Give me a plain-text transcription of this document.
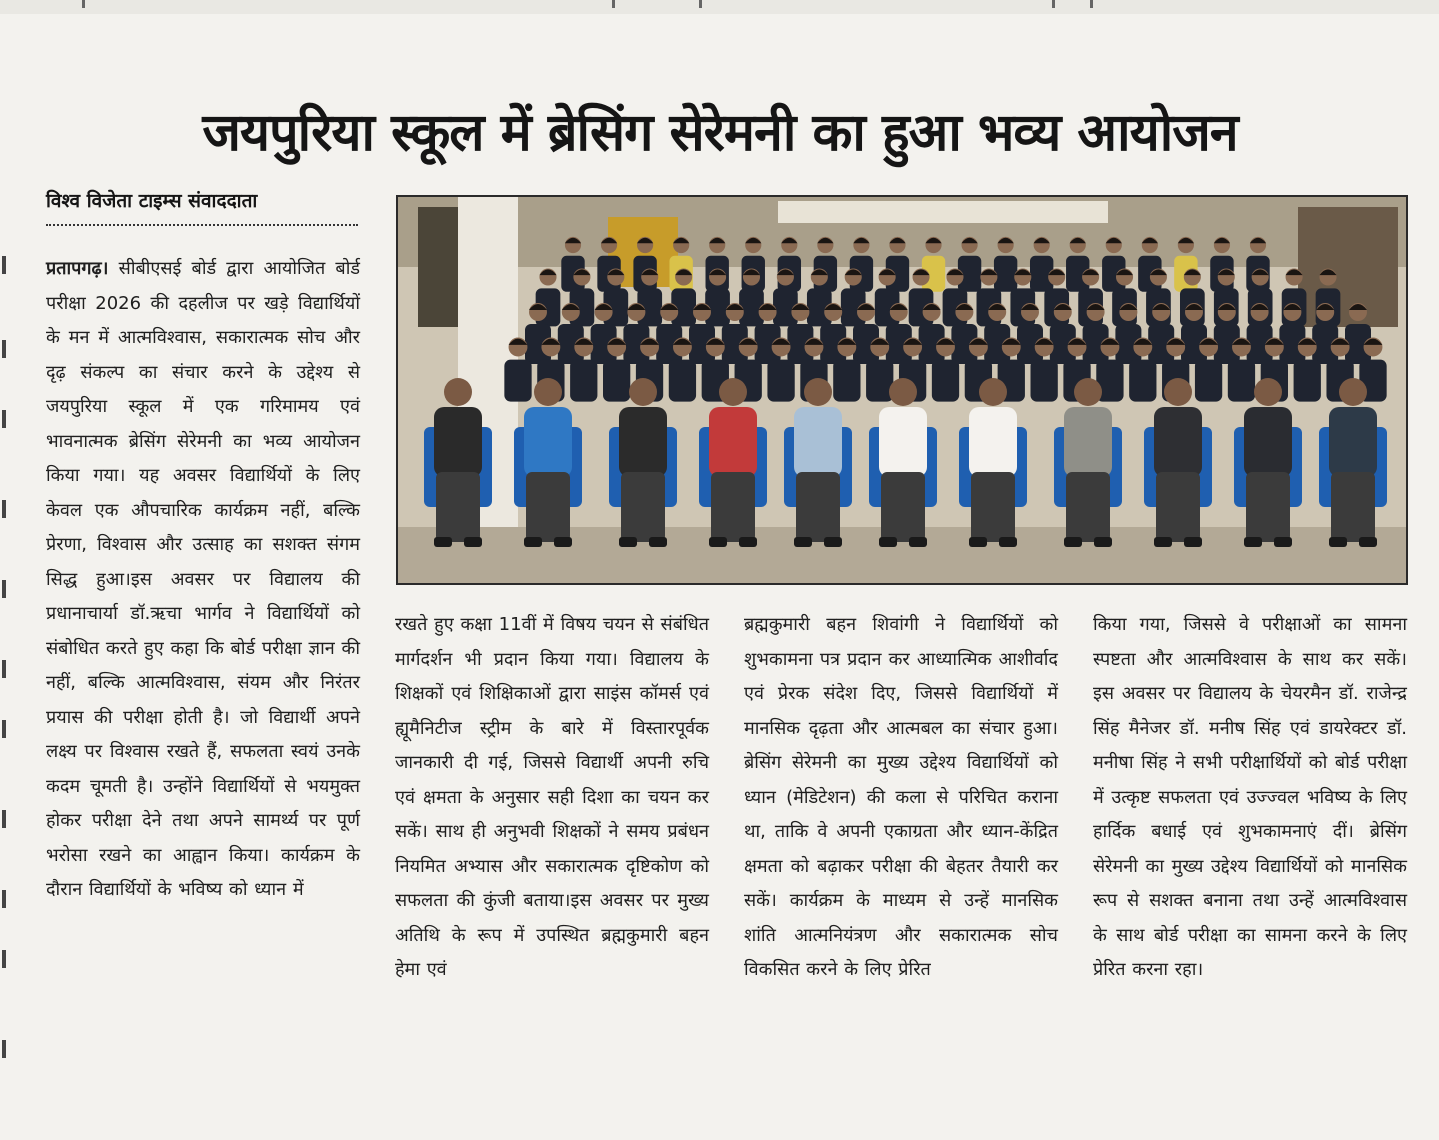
जयपुरिया स्कूल में ब्रेसिंग सेरेमनी का हुआ भव्य आयोजन
विश्व विजेता टाइम्स संवाददाता

प्रतापगढ़। सीबीएसई बोर्ड द्वारा आयोजित बोर्ड परीक्षा 2026 की दहलीज पर खड़े विद्यार्थियों के मन में आत्मविश्वास, सकारात्मक सोच और दृढ़ संकल्प का संचार करने के उद्देश्य से जयपुरिया स्कूल में एक गरिमामय एवं भावनात्मक ब्रेसिंग सेरेमनी का भव्य आयोजन किया गया। यह अवसर विद्यार्थियों के लिए केवल एक औपचारिक कार्यक्रम नहीं, बल्कि प्रेरणा, विश्वास और उत्साह का सशक्त संगम सिद्ध हुआ।इस अवसर पर विद्यालय की प्रधानाचार्या डॉ.ऋचा भार्गव ने विद्यार्थियों को संबोधित करते हुए कहा कि बोर्ड परीक्षा ज्ञान की नहीं, बल्कि आत्मविश्वास, संयम और निरंतर प्रयास की परीक्षा होती है। जो विद्यार्थी अपने लक्ष्य पर विश्वास रखते हैं, सफलता स्वयं उनके कदम चूमती है। उन्होंने विद्यार्थियों से भयमुक्त होकर परीक्षा देने तथा अपने सामर्थ्य पर पूर्ण भरोसा रखने का आह्वान किया। कार्यक्रम के दौरान विद्यार्थियों के भविष्य को ध्यान में

रखते हुए कक्षा 11वीं में विषय चयन से संबंधित मार्गदर्शन भी प्रदान किया गया। विद्यालय के शिक्षकों एवं शिक्षिकाओं द्वारा साइंस कॉमर्स एवं ह्यूमैनिटीज स्ट्रीम के बारे में विस्तारपूर्वक जानकारी दी गई, जिससे विद्यार्थी अपनी रुचि एवं क्षमता के अनुसार सही दिशा का चयन कर सकें। साथ ही अनुभवी शिक्षकों ने समय प्रबंधन नियमित अभ्यास और सकारात्मक दृष्टिकोण को सफलता की कुंजी बताया।इस अवसर पर मुख्य अतिथि के रूप में उपस्थित ब्रह्मकुमारी बहन हेमा एवं

ब्रह्मकुमारी बहन शिवांगी ने विद्यार्थियों को शुभकामना पत्र प्रदान कर आध्यात्मिक आशीर्वाद एवं प्रेरक संदेश दिए, जिससे विद्यार्थियों में मानसिक दृढ़ता और आत्मबल का संचार हुआ। ब्रेसिंग सेरेमनी का मुख्य उद्देश्य विद्यार्थियों को ध्यान (मेडिटेशन) की कला से परिचित कराना था, ताकि वे अपनी एकाग्रता और ध्यान-केंद्रित क्षमता को बढ़ाकर परीक्षा की बेहतर तैयारी कर सकें। कार्यक्रम के माध्यम से उन्हें मानसिक शांति आत्मनियंत्रण और सकारात्मक सोच विकसित करने के लिए प्रेरित

किया गया, जिससे वे परीक्षाओं का सामना स्पष्टता और आत्मविश्वास के साथ कर सकें। इस अवसर पर विद्यालय के चेयरमैन डॉ. राजेन्द्र सिंह मैनेजर डॉ. मनीष सिंह एवं डायरेक्टर डॉ. मनीषा सिंह ने सभी परीक्षार्थियों को बोर्ड परीक्षा में उत्कृष्ट सफलता एवं उज्ज्वल भविष्य के लिए हार्दिक बधाई एवं शुभकामनाएं दीं। ब्रेसिंग सेरेमनी का मुख्य उद्देश्य विद्यार्थियों को मानसिक रूप से सशक्त बनाना तथा उन्हें आत्मविश्वास के साथ बोर्ड परीक्षा का सामना करने के लिए प्रेरित करना रहा।
